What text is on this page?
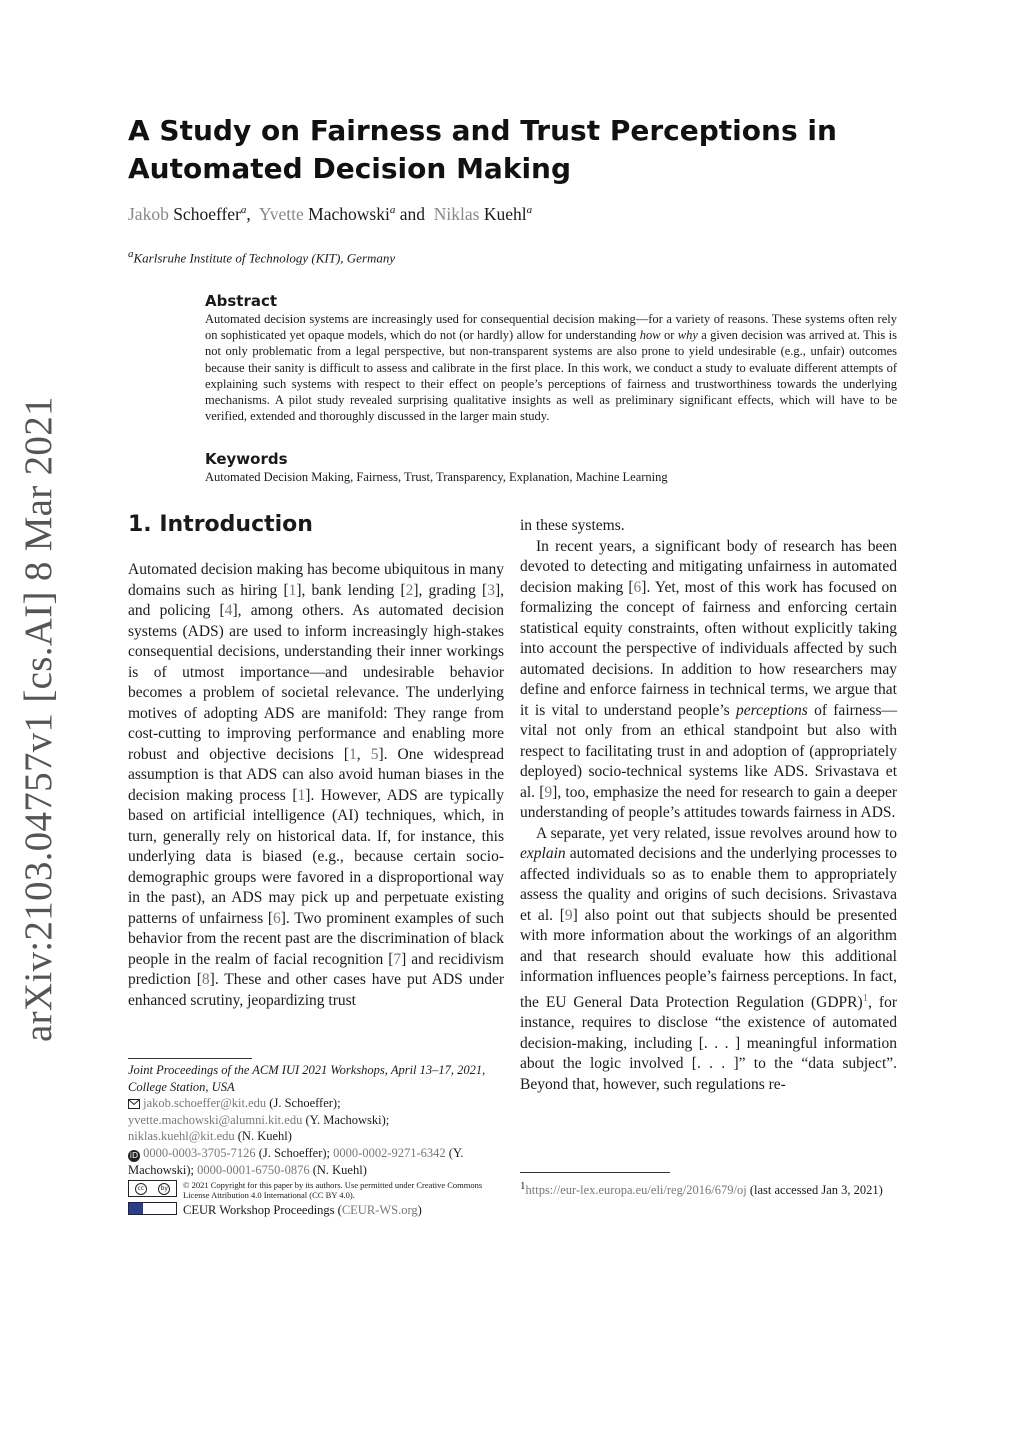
arXiv:2103.04757v1 [cs.AI] 8 Mar 2021
A Study on Fairness and Trust Perceptions in Automated Decision Making
Jakob Schoeffer$^a$, Yvette Machowski$^a$ and Niklas Kuehl$^a$
$^a$Karlsruhe Institute of Technology (KIT), Germany
Abstract
Automated decision systems are increasingly used for consequential decision making—for a variety of reasons. These systems often rely on sophisticated yet opaque models, which do not (or hardly) allow for understanding how or why a given decision was arrived at. This is not only problematic from a legal perspective, but non-transparent systems are also prone to yield undesirable (e.g., unfair) outcomes because their sanity is difficult to assess and calibrate in the first place. In this work, we conduct a study to evaluate different attempts of explaining such systems with respect to their effect on people’s perceptions of fairness and trustworthiness towards the underlying mechanisms. A pilot study revealed surprising qualitative insights as well as preliminary significant effects, which will have to be verified, extended and thoroughly discussed in the larger main study.
Keywords
Automated Decision Making, Fairness, Trust, Transparency, Explanation, Machine Learning
1. Introduction

Automated decision making has become ubiquitous in many domains such as hiring [1], bank lending [2], grading [3], and policing [4], among others. As automated decision systems (ADS) are used to inform increasingly high-stakes consequential decisions, understanding their inner workings is of utmost importance—and undesirable behavior becomes a problem of societal relevance. The underlying motives of adopting ADS are manifold: They range from cost-cutting to improving performance and enabling more robust and objective decisions [1, 5]. One widespread assumption is that ADS can also avoid human biases in the decision making process [1]. However, ADS are typically based on artificial intelligence (AI) techniques, which, in turn, generally rely on historical data. If, for instance, this underlying data is biased (e.g., because certain socio-demographic groups were favored in a disproportional way in the past), an ADS may pick up and perpetuate existing patterns of unfairness [6]. Two prominent examples of such behavior from the recent past are the discrimination of black people in the realm of facial recognition [7] and recidivism prediction [8]. These and other cases have put ADS under enhanced scrutiny, jeopardizing trust

Joint Proceedings of the ACM IUI 2021 Workshops, April 13–17, 2021, College Station, USA
jakob.schoeffer@kit.edu (J. Schoeffer);
yvette.machowski@alumni.kit.edu (Y. Machowski);
niklas.kuehl@kit.edu (N. Kuehl)
iD 0000-0003-3705-7126 (J. Schoeffer); 0000-0002-9271-6342 (Y. Machowski); 0000-0001-6750-0876 (N. Kuehl)
cc	by © 2021 Copyright for this paper by its authors. Use permitted under Creative Commons License Attribution 4.0 International (CC BY 4.0).
CEUR Workshop Proceedings (CEUR-WS.org)

in these systems.

In recent years, a significant body of research has been devoted to detecting and mitigating unfairness in automated decision making [6]. Yet, most of this work has focused on formalizing the concept of fairness and enforcing certain statistical equity constraints, often without explicitly taking into account the perspective of individuals affected by such automated decisions. In addition to how researchers may define and enforce fairness in technical terms, we argue that it is vital to understand people’s perceptions of fairness—vital not only from an ethical standpoint but also with respect to facilitating trust in and adoption of (appropriately deployed) socio-technical systems like ADS. Srivastava et al. [9], too, emphasize the need for research to gain a deeper understanding of people’s attitudes towards fairness in ADS.

A separate, yet very related, issue revolves around how to explain automated decisions and the underlying processes to affected individuals so as to enable them to appropriately assess the quality and origins of such decisions. Srivastava et al. [9] also point out that subjects should be presented with more information about the workings of an algorithm and that research should evaluate how this additional information influences people’s fairness perceptions. In fact, the EU General Data Protection Regulation (GDPR)$^1$, for instance, requires to disclose “the existence of automated decision-making, including [. . . ] meaningful information about the logic involved [. . . ]” to the “data subject”. Beyond that, however, such regulations re-

$^1$https://eur-lex.europa.eu/eli/reg/2016/679/oj (last accessed Jan 3, 2021)
